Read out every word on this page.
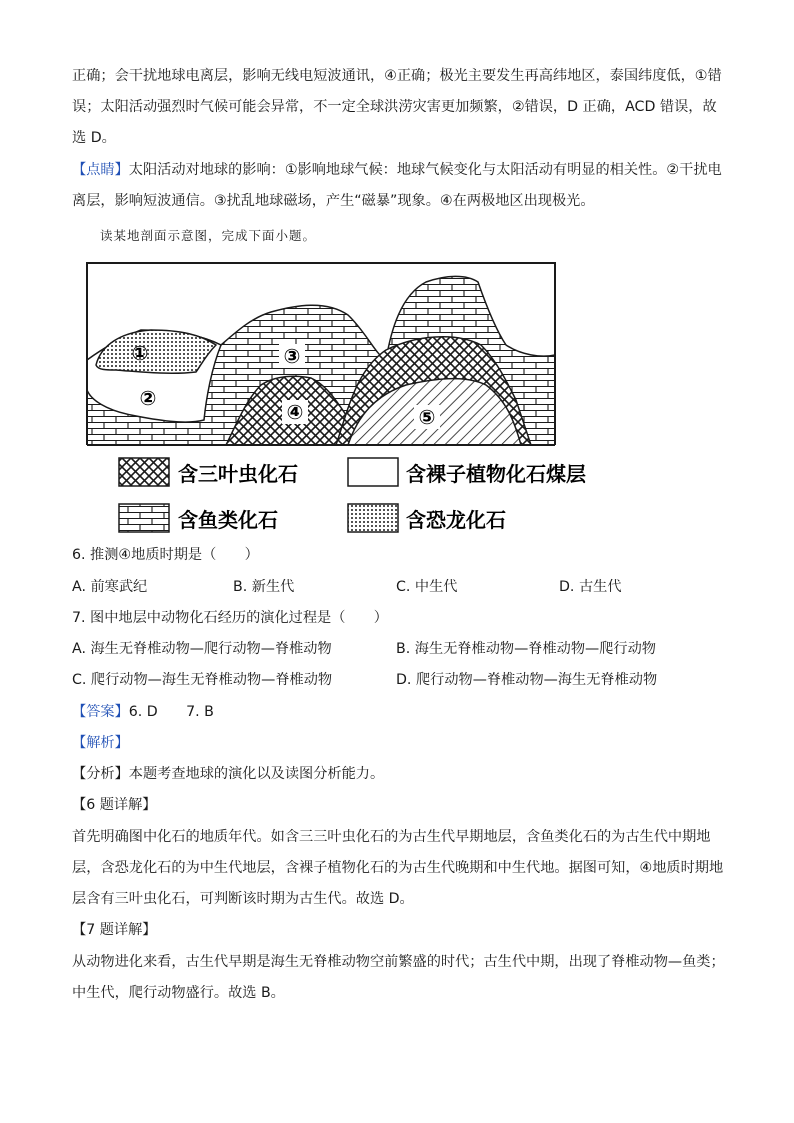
正确；会干扰地球电离层，影响无线电短波通讯，④正确；极光主要发生再高纬地区，泰国纬度低，①错
误；太阳活动强烈时气候可能会异常，不一定全球洪涝灾害更加频繁，②错误，D 正确，ACD 错误，故
选 D。
【点睛】太阳活动对地球的影响：①影响地球气候：地球气候变化与太阳活动有明显的相关性。②干扰电
离层，影响短波通信。③扰乱地球磁场，产生“磁暴”现象。④在两极地区出现极光。
读某地剖面示意图，完成下面小题。
①
②
③
④	⑤
含三叶虫化石	含裸子植物化石煤层
含鱼类化石	含恐龙化石
6. 推测④地质时期是（　　）
A. 前寒武纪	B. 新生代	C. 中生代	D. 古生代
7. 图中地层中动物化石经历的演化过程是（　　）
A. 海生无脊椎动物—爬行动物—脊椎动物	B. 海生无脊椎动物—脊椎动物—爬行动物
C. 爬行动物—海生无脊椎动物—脊椎动物	D. 爬行动物—脊椎动物—海生无脊椎动物
【答案】6. D　　7. B
【解析】
【分析】本题考查地球的演化以及读图分析能力。
【6 题详解】
首先明确图中化石的地质年代。如含三三叶虫化石的为古生代早期地层，含鱼类化石的为古生代中期地
层，含恐龙化石的为中生代地层，含裸子植物化石的为古生代晚期和中生代地。据图可知，④地质时期地
层含有三叶虫化石，可判断该时期为古生代。故选 D。
【7 题详解】
从动物进化来看，古生代早期是海生无脊椎动物空前繁盛的时代；古生代中期，出现了脊椎动物—鱼类；
中生代，爬行动物盛行。故选 B。
